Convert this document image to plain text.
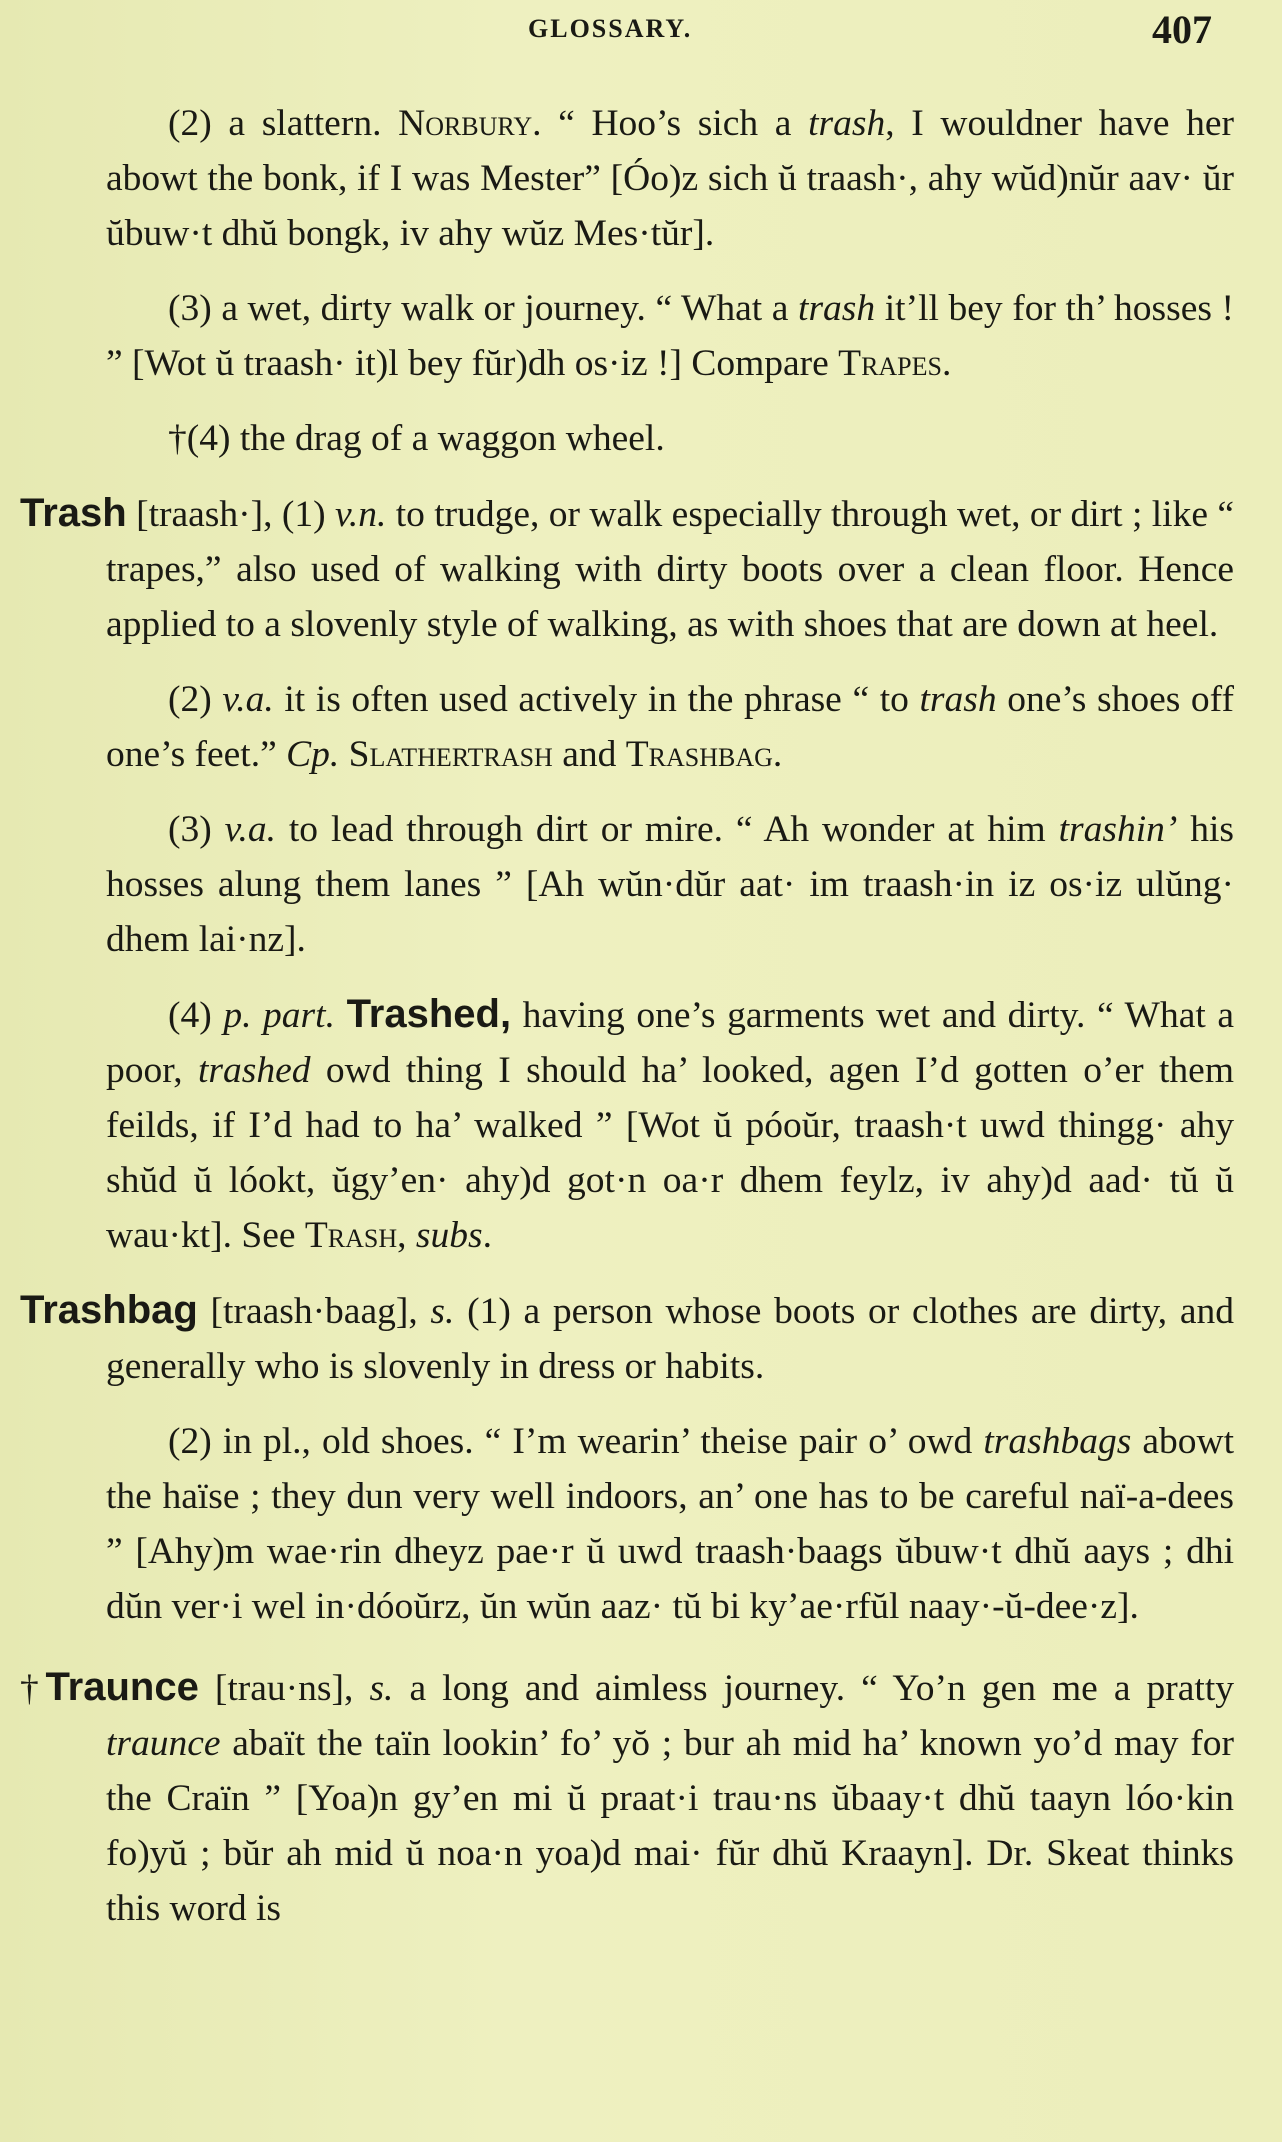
GLOSSARY.	407

(2) a slattern. Norbury. “ Hoo’s sich a trash, I wouldner have her abowt the bonk, if I was Mester” [Óo)z sich ŭ traash·, ahy wŭd)nŭr aav· ŭr ŭbuw·t dhŭ bongk, iv ahy wŭz Mes·tŭr].

(3) a wet, dirty walk or journey. “ What a trash it’ll bey for th’ hosses ! ” [Wot ŭ traash· it)l bey fŭr)dh os·iz !] Compare Trapes.

†(4) the drag of a waggon wheel.

Trash [traash·], (1) v.n. to trudge, or walk especially through wet, or dirt ; like “ trapes,” also used of walking with dirty boots over a clean floor. Hence applied to a slovenly style of walking, as with shoes that are down at heel.

(2) v.a. it is often used actively in the phrase “ to trash one’s shoes off one’s feet.” Cp. Slathertrash and Trashbag.

(3) v.a. to lead through dirt or mire. “ Ah wonder at him trashin’ his hosses alung them lanes ” [Ah wŭn·dŭr aat· im traash·in iz os·iz ulŭng· dhem lai·nz].

(4) p. part. Trashed, having one’s garments wet and dirty. “ What a poor, trashed owd thing I should ha’ looked, agen I’d gotten o’er them feilds, if I’d had to ha’ walked ” [Wot ŭ póoŭr, traash·t uwd thingg· ahy shŭd ŭ lóokt, ŭgy’en· ahy)d got·n oa·r dhem feylz, iv ahy)d aad· tŭ ŭ wau·kt]. See Trash, subs.

Trashbag [traash·baag], s. (1) a person whose boots or clothes are dirty, and generally who is slovenly in dress or habits.

(2) in pl., old shoes. “ I’m wearin’ theise pair o’ owd trashbags abowt the haïse ; they dun very well indoors, an’ one has to be careful naï-a-dees ” [Ahy)m wae·rin dheyz pae·r ŭ uwd traash·baags ŭbuw·t dhŭ aays ; dhi dŭn ver·i wel in·dóoŭrz, ŭn wŭn aaz· tŭ bi ky’ae·rfŭl naay·-ŭ-dee·z].

†Traunce [trau·ns], s. a long and aimless journey. “ Yo’n gen me a pratty traunce abaït the taïn lookin’ fo’ yŏ ; bur ah mid ha’ known yo’d may for the Craïn ” [Yoa)n gy’en mi ŭ praat·i trau·ns ŭbaay·t dhŭ taayn lóo·kin fo)yŭ ; bŭr ah mid ŭ noa·n yoa)d mai· fŭr dhŭ Kraayn]. Dr. Skeat thinks this word is
